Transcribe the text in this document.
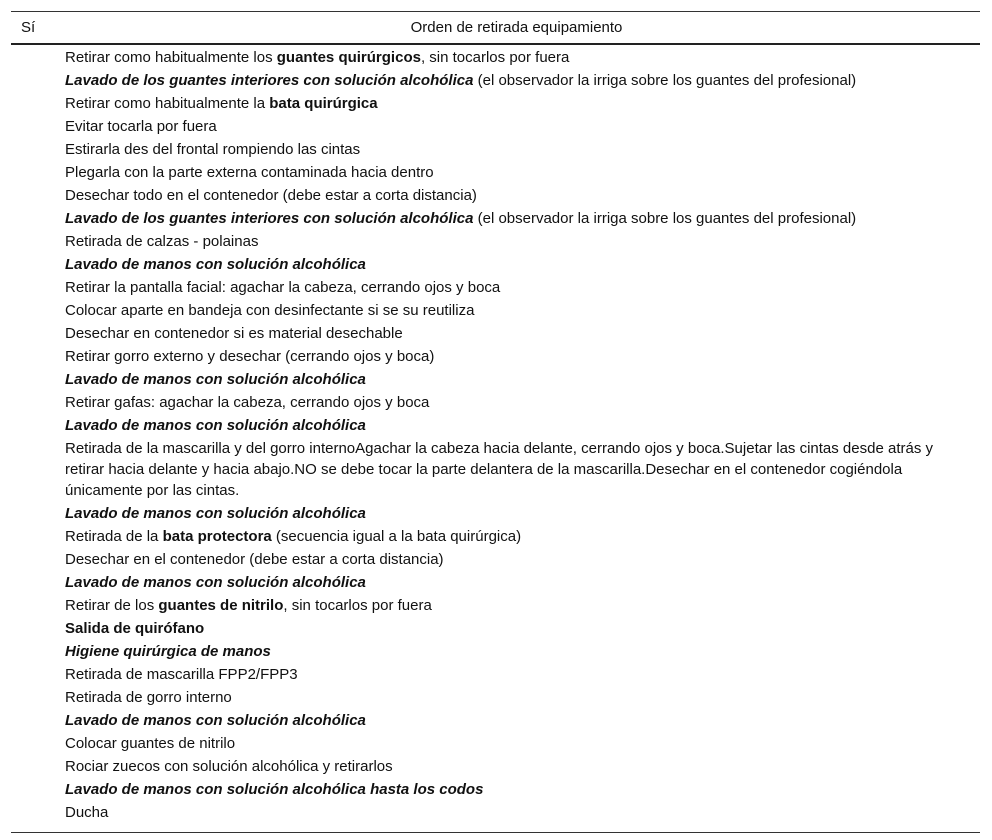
Sí	Orden de retirada equipamiento
Retirar como habitualmente los guantes quirúrgicos, sin tocarlos por fuera
Lavado de los guantes interiores con solución alcohólica (el observador la irriga sobre los guantes del profesional)
Retirar como habitualmente la bata quirúrgica
Evitar tocarla por fuera
Estirarla des del frontal rompiendo las cintas
Plegarla con la parte externa contaminada hacia dentro
Desechar todo en el contenedor (debe estar a corta distancia)
Lavado de los guantes interiores con solución alcohólica (el observador la irriga sobre los guantes del profesional)
Retirada de calzas - polainas
Lavado de manos con solución alcohólica
Retirar la pantalla facial: agachar la cabeza, cerrando ojos y boca
Colocar aparte en bandeja con desinfectante si se su reutiliza
Desechar en contenedor si es material desechable
Retirar gorro externo y desechar (cerrando ojos y boca)
Lavado de manos con solución alcohólica
Retirar gafas: agachar la cabeza, cerrando ojos y boca
Lavado de manos con solución alcohólica
Retirada de la mascarilla y del gorro internoAgachar la cabeza hacia delante, cerrando ojos y boca.Sujetar las cintas desde atrás y retirar hacia delante y hacia abajo.NO se debe tocar la parte delantera de la mascarilla.Desechar en el contenedor cogiéndola únicamente por las cintas.
Lavado de manos con solución alcohólica
Retirada de la bata protectora (secuencia igual a la bata quirúrgica)
Desechar en el contenedor (debe estar a corta distancia)
Lavado de manos con solución alcohólica
Retirar de los guantes de nitrilo, sin tocarlos por fuera
Salida de quirófano
Higiene quirúrgica de manos
Retirada de mascarilla FPP2/FPP3
Retirada de gorro interno
Lavado de manos con solución alcohólica
Colocar guantes de nitrilo
Rociar zuecos con solución alcohólica y retirarlos
Lavado de manos con solución alcohólica hasta los codos
Ducha
